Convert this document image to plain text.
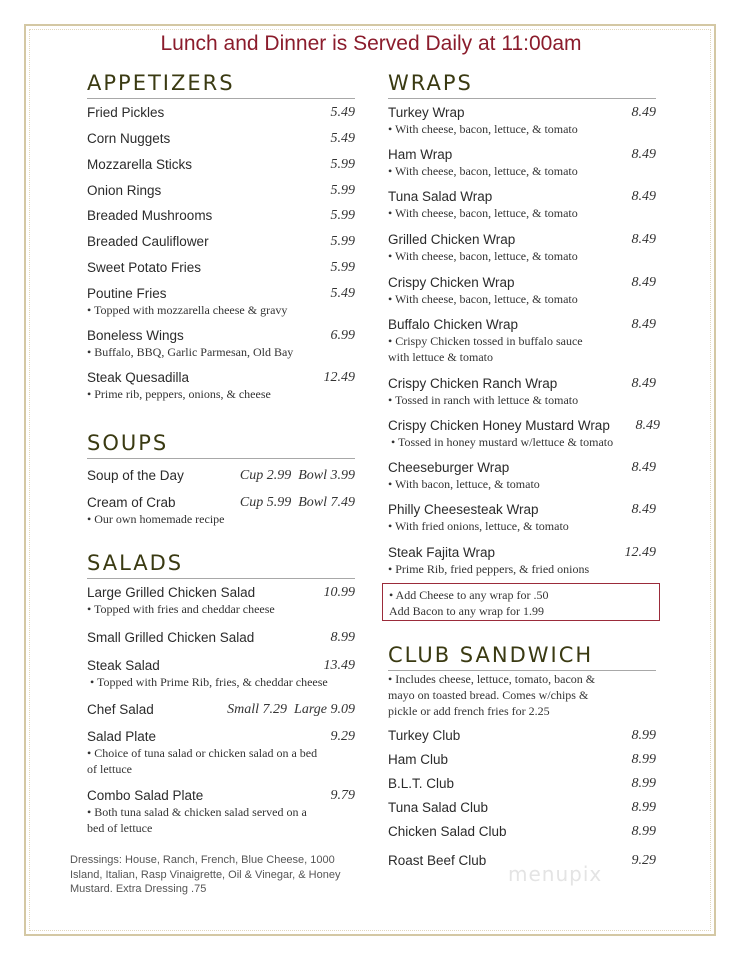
Lunch and Dinner is Served Daily at 11:00am
APPETIZERS
Fried Pickles	5.49
Corn Nuggets	5.49
Mozzarella Sticks	5.99
Onion Rings	5.99
Breaded Mushrooms	5.99
Breaded Cauliflower	5.99
Sweet Potato Fries	5.99
Poutine Fries	5.49
• Topped with mozzarella cheese & gravy
Boneless Wings	6.99
• Buffalo, BBQ, Garlic Parmesan, Old Bay
Steak Quesadilla	12.49
• Prime rib, peppers, onions, & cheese
SOUPS
Soup of the Day	Cup 2.99  Bowl 3.99
Cream of Crab	Cup 5.99  Bowl 7.49
• Our own homemade recipe
SALADS
Large Grilled Chicken Salad	10.99
• Topped with fries and cheddar cheese
Small Grilled Chicken Salad	8.99
Steak Salad	13.49
• Topped with Prime Rib, fries, & cheddar cheese
Chef Salad	Small 7.29  Large 9.09
Salad Plate	9.29
• Choice of tuna salad or chicken salad on a bed of lettuce
Combo Salad Plate	9.79
• Both tuna salad & chicken salad served on a bed of lettuce
Dressings: House, Ranch, French, Blue Cheese, 1000 Island, Italian, Rasp Vinaigrette, Oil & Vinegar, & Honey Mustard. Extra Dressing .75
WRAPS
Turkey Wrap	8.49
• With cheese, bacon, lettuce, & tomato
Ham Wrap	8.49
• With cheese, bacon, lettuce, & tomato
Tuna Salad Wrap	8.49
• With cheese, bacon, lettuce, & tomato
Grilled Chicken Wrap	8.49
• With cheese, bacon, lettuce, & tomato
Crispy Chicken Wrap	8.49
• With cheese, bacon, lettuce, & tomato
Buffalo Chicken Wrap	8.49
• Crispy Chicken tossed in buffalo sauce with lettuce & tomato
Crispy Chicken Ranch Wrap	8.49
• Tossed in ranch with lettuce & tomato
Crispy Chicken Honey Mustard Wrap	8.49
• Tossed in honey mustard w/lettuce & tomato
Cheeseburger Wrap	8.49
• With bacon, lettuce, & tomato
Philly Cheesesteak Wrap	8.49
• With fried onions, lettuce, & tomato
Steak Fajita Wrap	12.49
• Prime Rib, fried peppers, & fried onions
CLUB SANDWICH
• Includes cheese, lettuce, tomato, bacon & mayo on toasted bread. Comes w/chips & pickle or add french fries for 2.25
Turkey Club	8.99
Ham Club	8.99
B.L.T. Club	8.99
Tuna Salad Club	8.99
Chicken Salad Club	8.99
Roast Beef Club	9.29
• Add Cheese to any wrap for .50
Add Bacon to any wrap for 1.99
menupix
